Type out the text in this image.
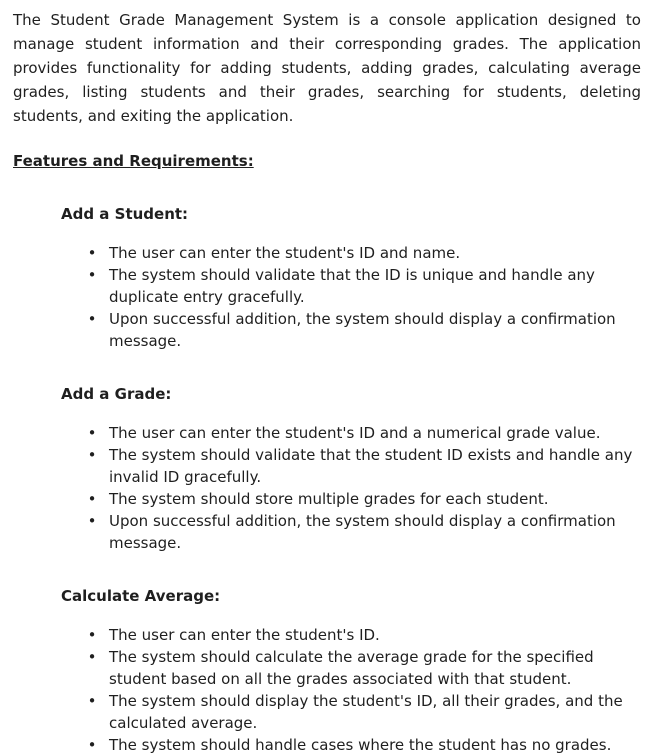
The Student Grade Management System is a console application designed to manage student information and their corresponding grades. The application provides functionality for adding students, adding grades, calculating average grades, listing students and their grades, searching for students, deleting students, and exiting the application.

Features and Requirements:
Add a Student:
• The user can enter the student's ID and name.
• The system should validate that the ID is unique and handle any duplicate entry gracefully.
• Upon successful addition, the system should display a confirmation message.
Add a Grade:
• The user can enter the student's ID and a numerical grade value.
• The system should validate that the student ID exists and handle any invalid ID gracefully.
• The system should store multiple grades for each student.
• Upon successful addition, the system should display a confirmation message.
Calculate Average:
• The user can enter the student's ID.
• The system should calculate the average grade for the specified student based on all the grades associated with that student.
• The system should display the student's ID, all their grades, and the calculated average.
• The system should handle cases where the student has no grades.
